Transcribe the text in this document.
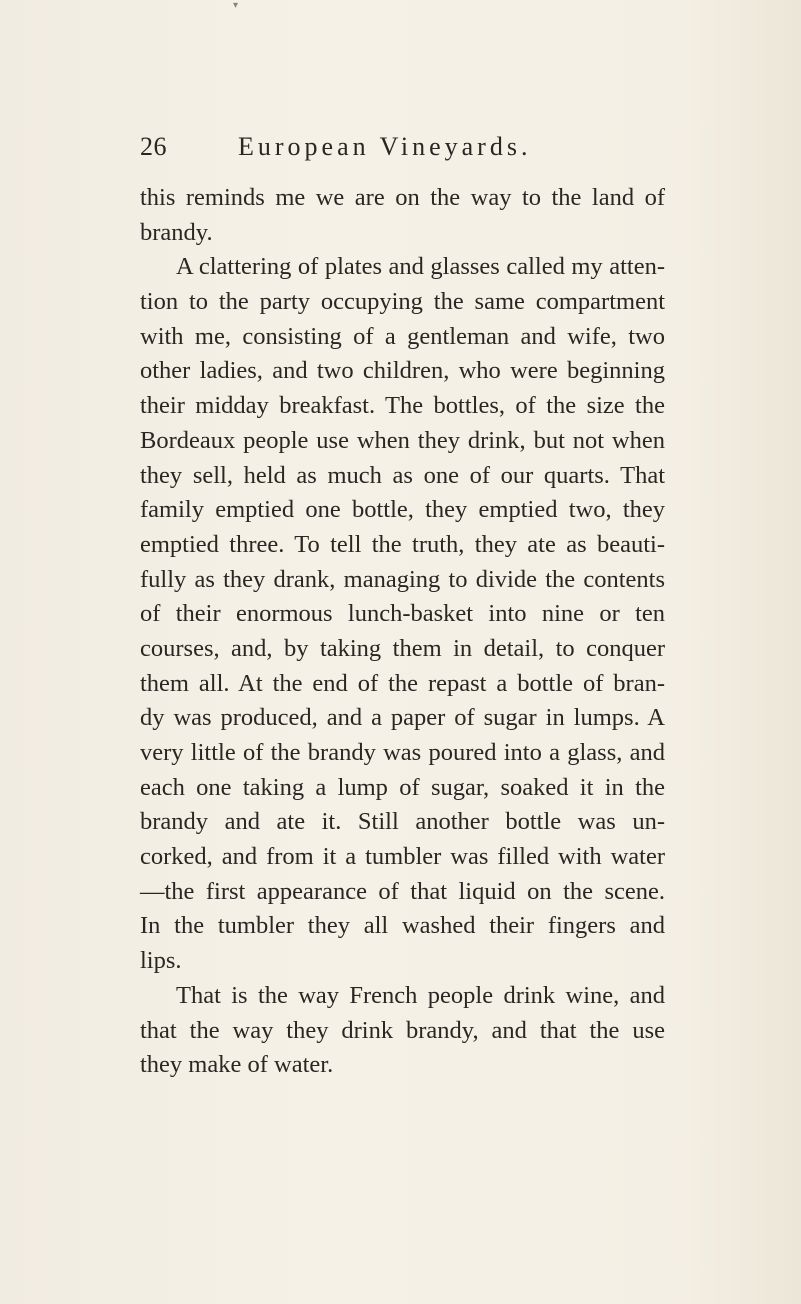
▾
26	European Vineyards.
this reminds me we are on the way to the land of
brandy.
A clattering of plates and glasses called my atten-
tion to the party occupying the same compartment
with me, consisting of a gentleman and wife, two
other ladies, and two children, who were beginning
their midday breakfast. The bottles, of the size the
Bordeaux people use when they drink, but not when
they sell, held as much as one of our quarts. That
family emptied one bottle, they emptied two, they
emptied three. To tell the truth, they ate as beauti-
fully as they drank, managing to divide the contents
of their enormous lunch-basket into nine or ten
courses, and, by taking them in detail, to conquer
them all. At the end of the repast a bottle of bran-
dy was produced, and a paper of sugar in lumps. A
very little of the brandy was poured into a glass, and
each one taking a lump of sugar, soaked it in the
brandy and ate it. Still another bottle was un-
corked, and from it a tumbler was filled with water
—the first appearance of that liquid on the scene.
In the tumbler they all washed their fingers and
lips.
That is the way French people drink wine, and
that the way they drink brandy, and that the use
they make of water.
